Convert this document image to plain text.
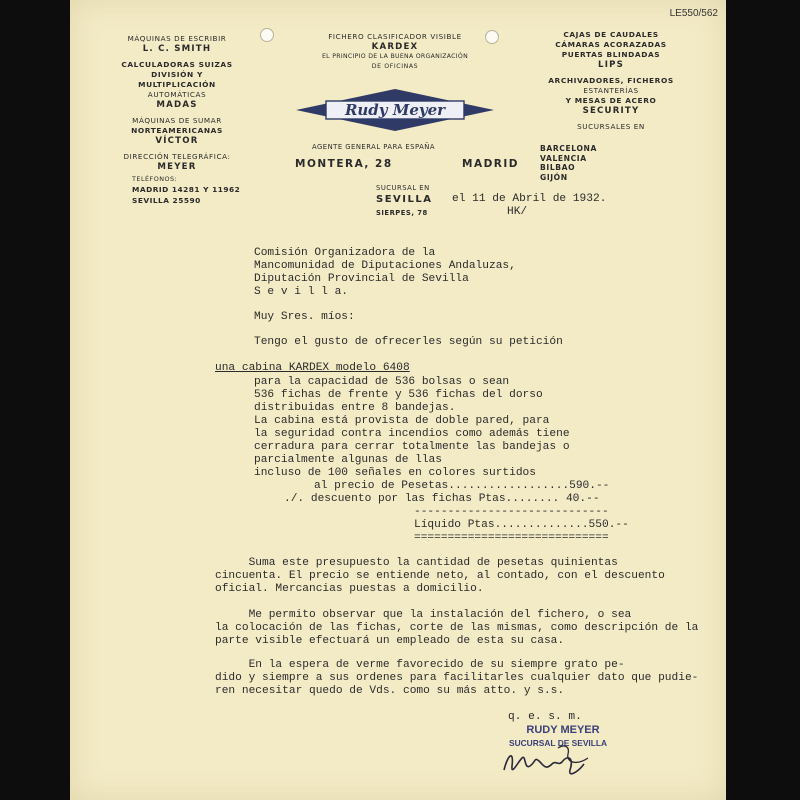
LE550/562
MÁQUINAS DE ESCRIBIR
L. C. SMITH
CALCULADORAS SUIZAS
DIVISIÓN Y MULTIPLICACIÓN
AUTOMÁTICAS
MADAS
MÁQUINAS DE SUMAR
NORTEAMERICANAS
VÍCTOR
DIRECCIÓN TELEGRÁFICA:
MEYER
TELÉFONOS:
MADRID 14281 Y 11962
SEVILLA 25590
FICHERO CLASIFICADOR VISIBLE
KARDEX
EL PRINCIPIO DE LA BUENA ORGANIZACIÓN
DE OFICINAS
Rudy Meyer
AGENTE GENERAL PARA ESPAÑA
MONTERA, 28	MADRID
SUCURSAL EN
SEVILLA
SIERPES, 78
CAJAS DE CAUDALES
CÁMARAS ACORAZADAS
PUERTAS BLINDADAS
LIPS
ARCHIVADORES, FICHEROS
ESTANTERÍAS
Y MESAS DE ACERO
SECURITY
SUCURSALES EN
BARCELONA
VALENCIA
BILBAO
GIJÓN
el 11 de Abril de 1932.
HK/
Comisión Organizadora de la
Mancomunidad de Diputaciones Andaluzas,
Diputación Provincial de Sevilla
S e v i l l a.
Muy Sres. míos:
Tengo el gusto de ofrecerles según su petición
una cabina KARDEX modelo 6408
para la capacidad de 536 bolsas o sean
536 fichas de frente y 536 fichas del dorso
distribuidas entre 8 bandejas.
La cabina está provista de doble pared, para
la seguridad contra incendios como además tiene
cerradura para cerrar totalmente las bandejas o
parcialmente algunas de llas
incluso de 100 señales en colores surtidos
al precio de Pesetas..................590.--
./. descuento por las fichas Ptas........ 40.--
-----------------------------
Líquido Ptas..............550.--
=============================
Suma este presupuesto la cantidad de pesetas quinientas
cincuenta. El precio se entiende neto, al contado, con el descuento
oficial. Mercancias puestas a domicilio.
Me permito observar que la instalación del fichero, o sea
la colocación de las fichas, corte de las mismas, como descripción de la
parte visible efectuará un empleado de esta su casa.
En la espera de verme favorecido de su siempre grato pe-
dido y siempre a sus ordenes para facilitarles cualquier dato que pudie-
ren necesitar quedo de Vds. como su más atto. y s.s.
q. e. s. m.
RUDY MEYER
SUCURSAL DE SEVILLA
